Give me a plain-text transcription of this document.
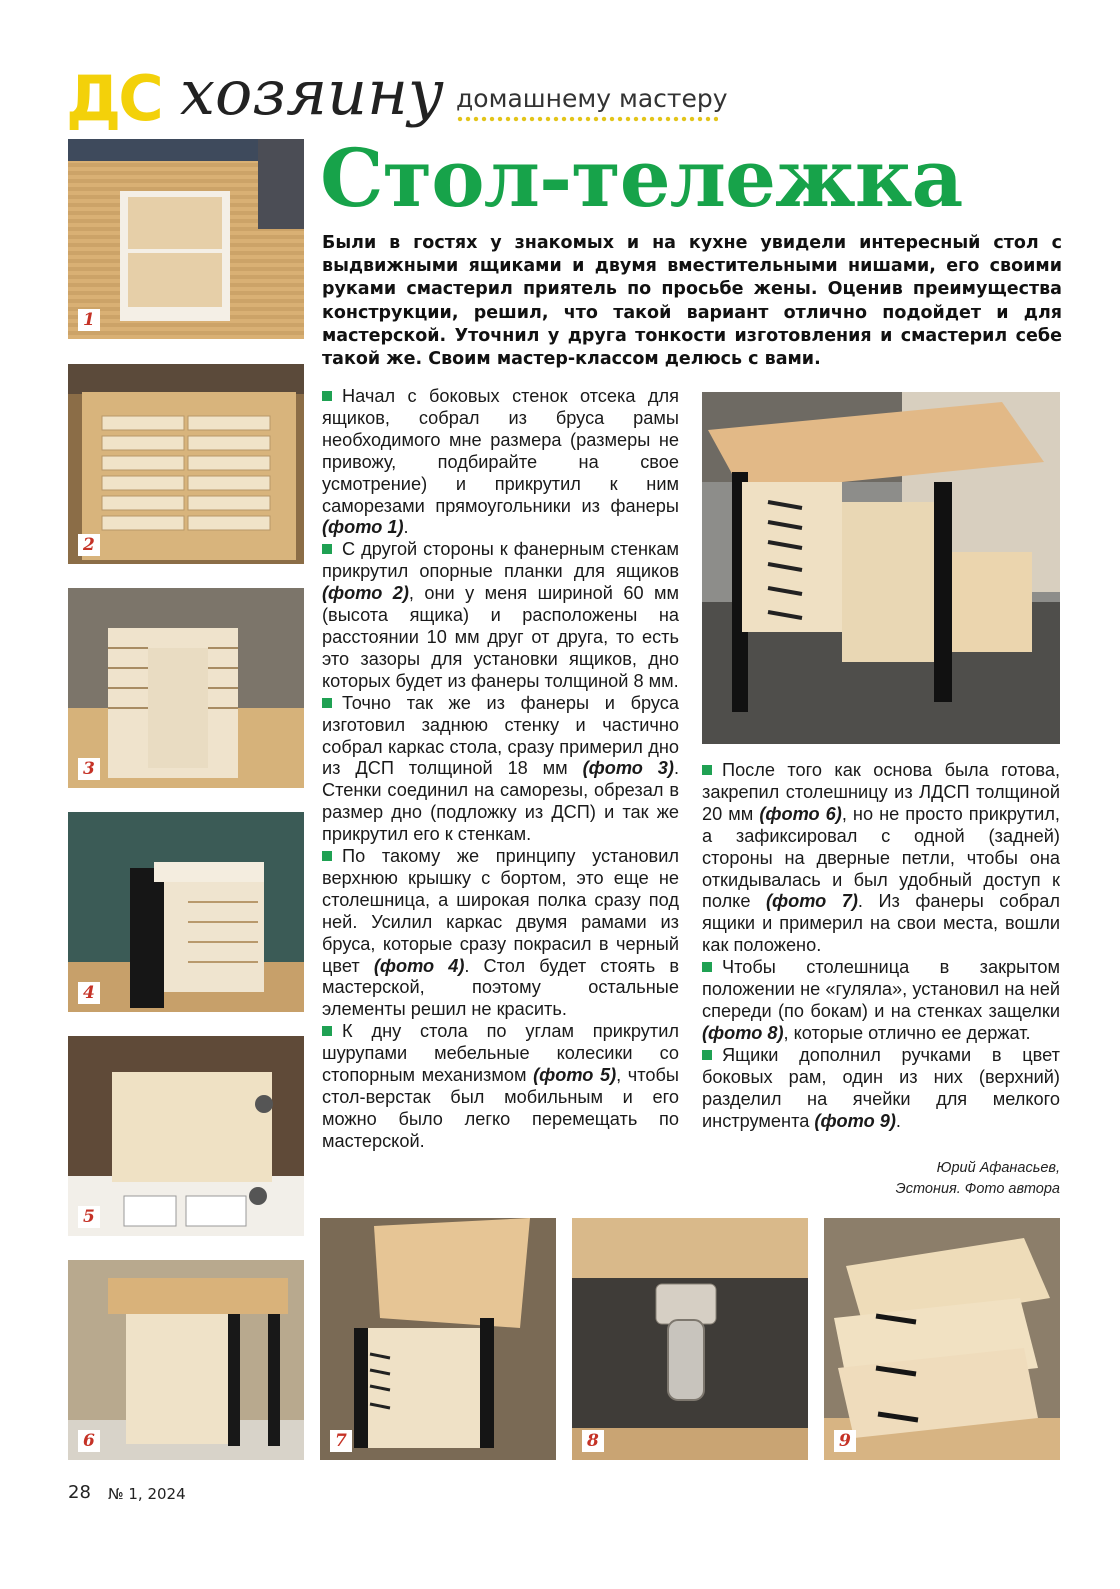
ДС хозяину домашнему мастеру
Стол-тележка
Были в гостях у знакомых и на кухне увидели интересный стол с выдвижными ящиками и двумя вместительными нишами, его своими руками смастерил приятель по просьбе жены. Оценив преимущества конструкции, решил, что такой вариант отлично подойдет и для мастерской. Уточнил у друга тонкости изготовления и смастерил себе такой же. Своим мастер-классом делюсь с вами.
1
2
3
4
5
6

Начал с боковых стенок отсека для ящиков, собрал из бруса рамы необходимого мне размера (размеры не привожу, подбирайте на свое усмотрение) и прикрутил к ним саморезами прямоугольники из фанеры (фото 1).

С другой стороны к фанерным стенкам прикрутил опорные планки для ящиков (фото 2), они у меня шириной 60 мм (высота ящика) и расположены на расстоянии 10 мм друг от друга, то есть это зазоры для установки ящиков, дно которых будет из фанеры толщиной 8 мм.

Точно так же из фанеры и бруса изготовил заднюю стенку и частично собрал каркас стола, сразу примерил дно из ДСП толщиной 18 мм (фото 3). Стенки соединил на саморезы, обрезал в размер дно (подложку из ДСП) и так же прикрутил его к стенкам.

По такому же принципу установил верхнюю крышку с бортом, это еще не столешница, а широкая полка сразу под ней. Усилил каркас двумя рамами из бруса, которые сразу покрасил в черный цвет (фото 4). Стол будет стоять в мастерской, поэтому остальные элементы решил не красить.

К дну стола по углам прикрутил шурупами мебельные колесики со стопорным механизмом (фото 5), чтобы стол-верстак был мобильным и его можно было легко перемещать по мастерской.

После того как основа была готова, закрепил столешницу из ЛДСП толщиной 20 мм (фото 6), но не просто прикрутил, а зафиксировал с одной (задней) стороны на дверные петли, чтобы она откидывалась и был удобный доступ к полке (фото 7). Из фанеры собрал ящики и примерил на свои места, вошли как положено.

Чтобы столешница в закрытом положении не «гуляла», установил на ней спереди (по бокам) и на стенках защелки (фото 8), которые отлично ее держат.

Ящики дополнил ручками в цвет боковых рам, один из них (верхний) разделил на ячейки для мелкого инструмента (фото 9).

Юрий Афанасьев,
Эстония. Фото автора
7	8	9
28 № 1, 2024
